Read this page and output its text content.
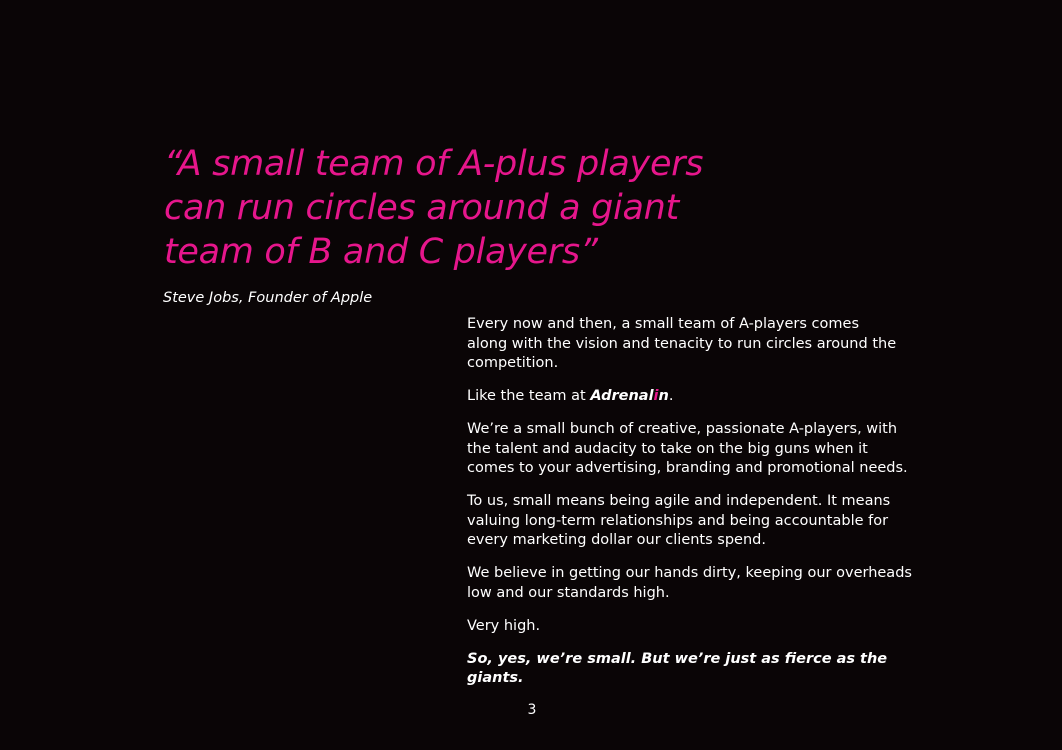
“A small team of A-plus players
can run circles around a giant
team of B and C players”

Steve Jobs, Founder of Apple

Every now and then, a small team of A-players comes
along with the vision and tenacity to run circles around the
competition.

Like the team at Adrenalin.

We’re a small bunch of creative, passionate A-players, with
the talent and audacity to take on the big guns when it
comes to your advertising, branding and promotional needs.

To us, small means being agile and independent. It means
valuing long-term relationships and being accountable for
every marketing dollar our clients spend.

We believe in getting our hands dirty, keeping our overheads
low and our standards high.

Very high.

So, yes, we’re small. But we’re just as fierce as the giants.

3
